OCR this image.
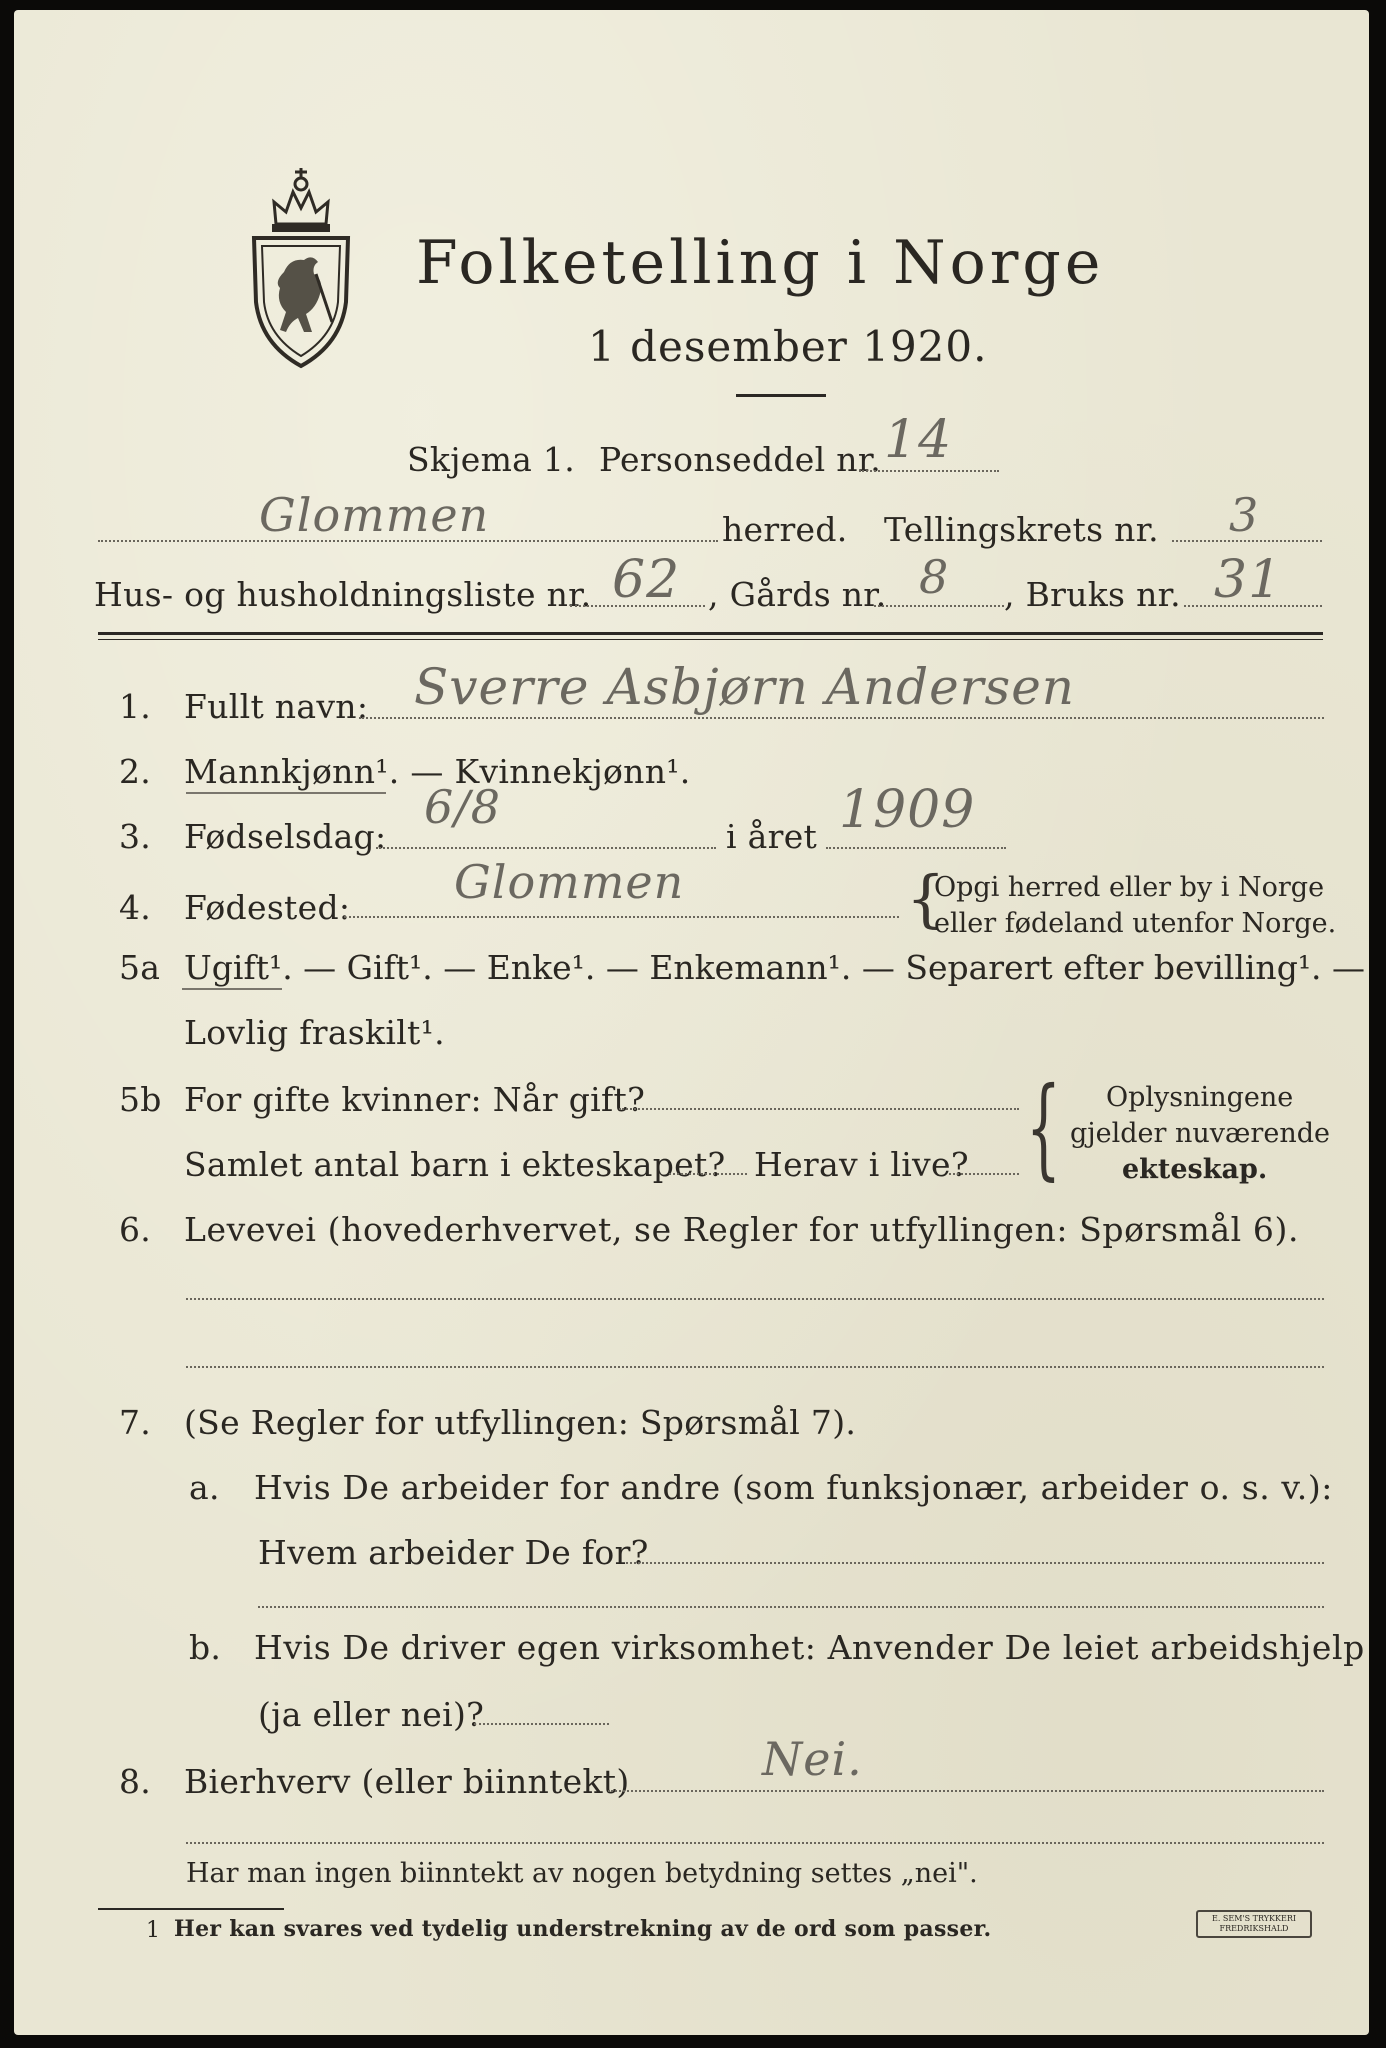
Folketelling i Norge
1 desember 1920.
Skjema 1. Personseddel nr. 14
Glommen	herred. Tellingskrets nr. 3
Hus- og husholdningsliste nr. 62 , Gårds nr. 8 , Bruks nr. 31
1. Fullt navn: Sverre Asbjørn Andersen
2. Mannkjønn¹. — Kvinnekjønn¹.
3. Fødselsdag:
6/8
i året 1909
4. Fødested: Glommen	{
Opgi herred eller by i Norge
eller fødeland utenfor Norge.
5a Ugift¹. — Gift¹. — Enke¹. — Enkemann¹. — Separert efter bevilling¹. —
Lovlig fraskilt¹.
5b For gifte kvinner: Når gift?
Samlet antal barn i ekteskapet? Herav i live? { Oplysningene
gjelder nuværende
ekteskap.
6. Levevei (hovederhvervet, se Regler for utfyllingen: Spørsmål 6).
7. (Se Regler for utfyllingen: Spørsmål 7).
a. Hvis De arbeider for andre (som funksjonær, arbeider o. s. v.):
Hvem arbeider De for?
b. Hvis De driver egen virksomhet: Anvender De leiet arbeidshjelp
(ja eller nei)?
8. Bierhverv (eller biinntekt)	Nei.
Har man ingen biinntekt av nogen betydning settes „nei".
1 Her kan svares ved tydelig understrekning av de ord som passer.	E. SEM'S TRYKKERI
FREDRIKSHALD
